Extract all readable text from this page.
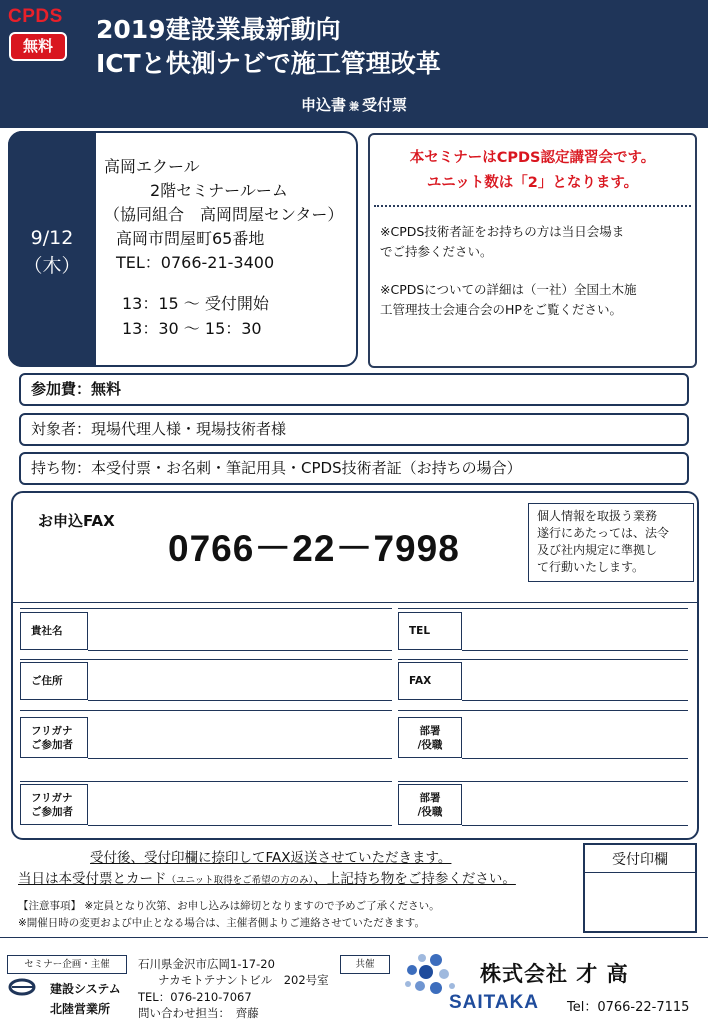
CPDS
無料
2019建設業最新動向
ICTと快測ナビで施工管理改革
申込書 兼 受付票
9/12
（木）
高岡エクール
2階セミナールーム
（協同組合　高岡問屋センター）
高岡市問屋町65番地
TEL：0766-21-3400
13：15 ～ 受付開始
13：30 ～ 15：30
本セミナーはCPDS認定講習会です。
ユニット数は「2」となります。
※CPDS技術者証をお持ちの方は当日会場ま
でご持参ください。
※CPDSについての詳細は（一社）全国土木施
工管理技士会連合会のHPをご覧ください。
参加費：無料
対象者：現場代理人様・現場技術者様
持ち物：本受付票・お名刺・筆記用具・CPDS技術者証（お持ちの場合）
お申込FAX
0766－22－7998
個人情報を取扱う業務
遂行にあたっては、法令
及び社内規定に準拠し
て行動いたします。
貴社名
ご住所
フリガナ
ご参加者
フリガナ
ご参加者
TEL
FAX
部署
/役職
部署
/役職
受付後、受付印欄に捺印してFAX返送させていただきます。
当日は本受付票とカード（ユニット取得をご希望の方のみ）、上記持ち物をご持参ください。
受付印欄
【注意事項】 ※定員となり次第、お申し込みは締切となりますので予めご了承ください。
※開催日時の変更および中止となる場合は、主催者側よりご連絡させていただきます。
セミナー企画・主催
建設システム
北陸営業所
石川県金沢市広岡1-17-20
ナカモトテナントビル　202号室
TEL：076-210-7067
問い合わせ担当：　齊藤
共催	株式会社 才 高
SAITAKA Tel：0766-22-7115
